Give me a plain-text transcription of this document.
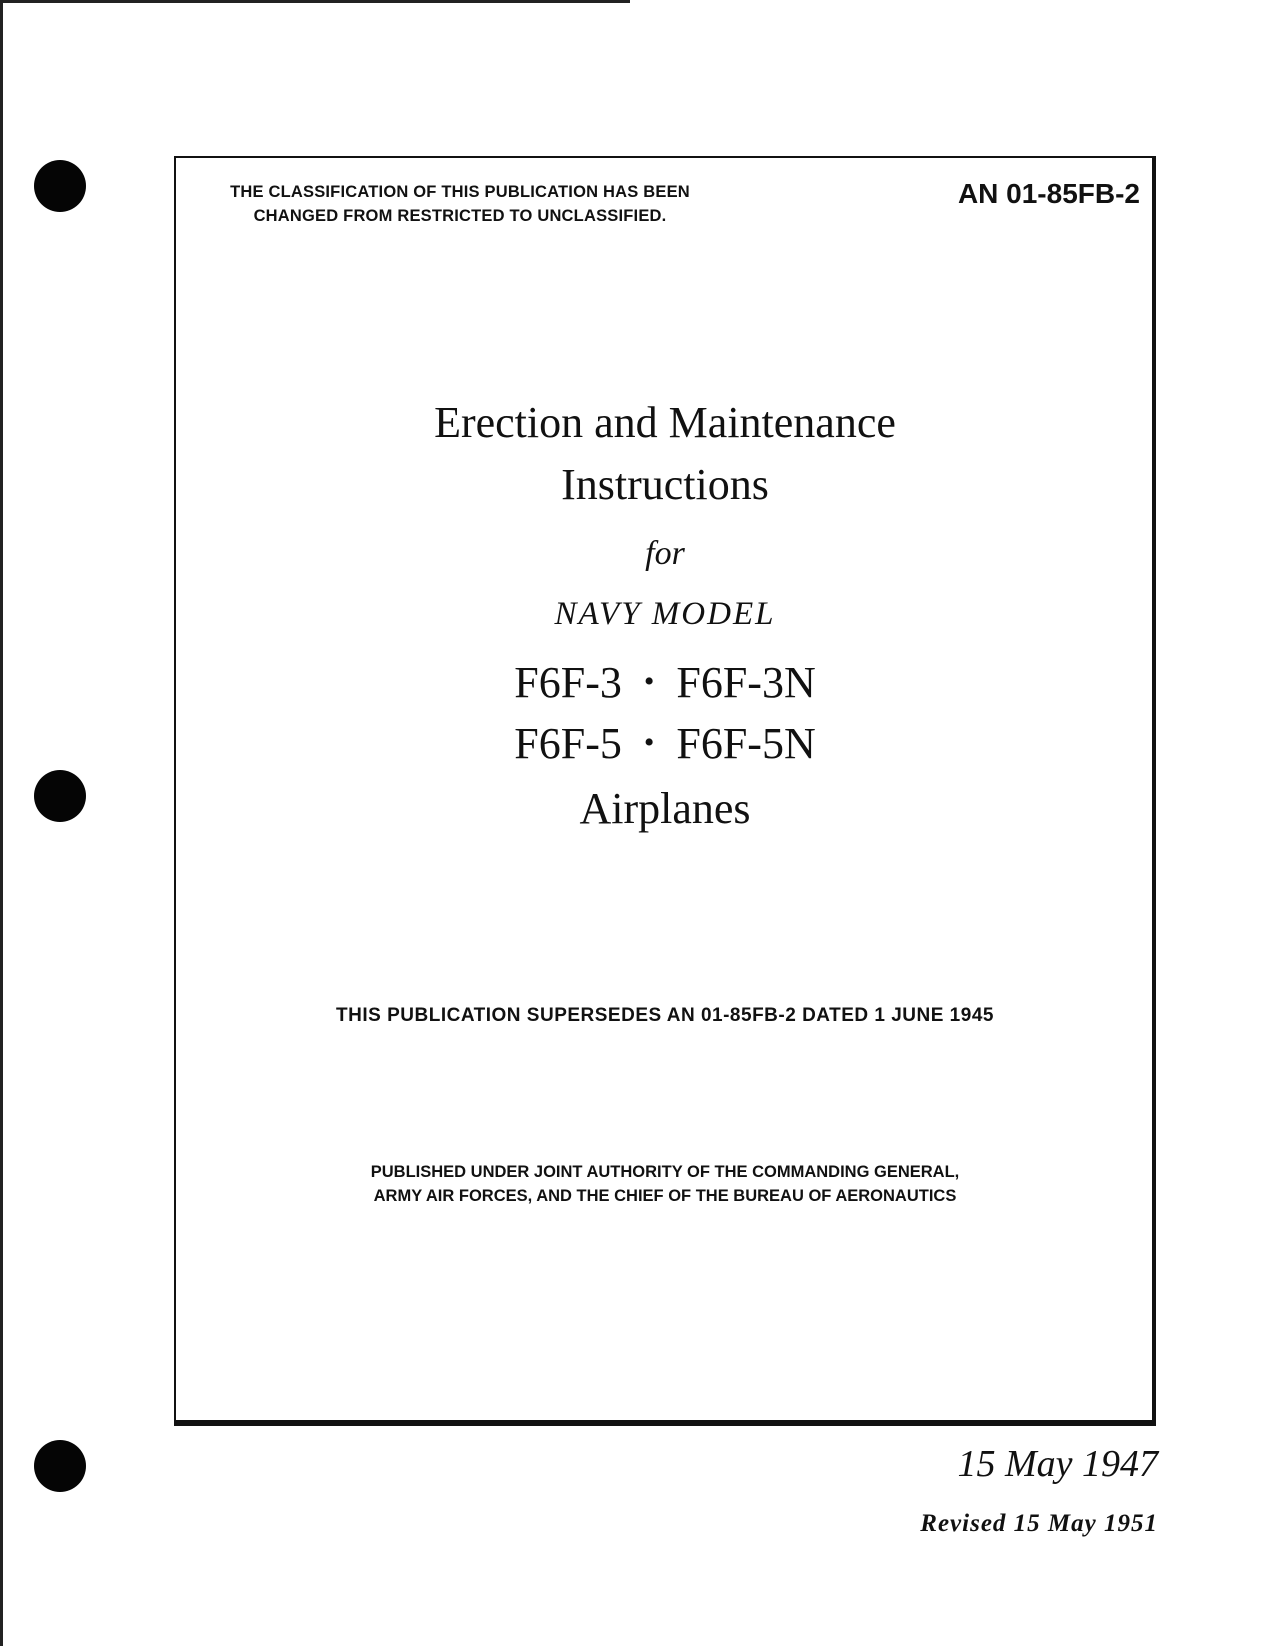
THE CLASSIFICATION OF THIS PUBLICATION HAS BEEN
CHANGED FROM RESTRICTED TO UNCLASSIFIED.
AN 01-85FB-2
Erection and Maintenance
Instructions
for
NAVY MODEL
F6F-3 • F6F-3N
F6F-5 • F6F-5N
Airplanes
THIS PUBLICATION SUPERSEDES AN 01-85FB-2 DATED 1 JUNE 1945
PUBLISHED UNDER JOINT AUTHORITY OF THE COMMANDING GENERAL,
ARMY AIR FORCES, AND THE CHIEF OF THE BUREAU OF AERONAUTICS
15 May 1947
Revised 15 May 1951
